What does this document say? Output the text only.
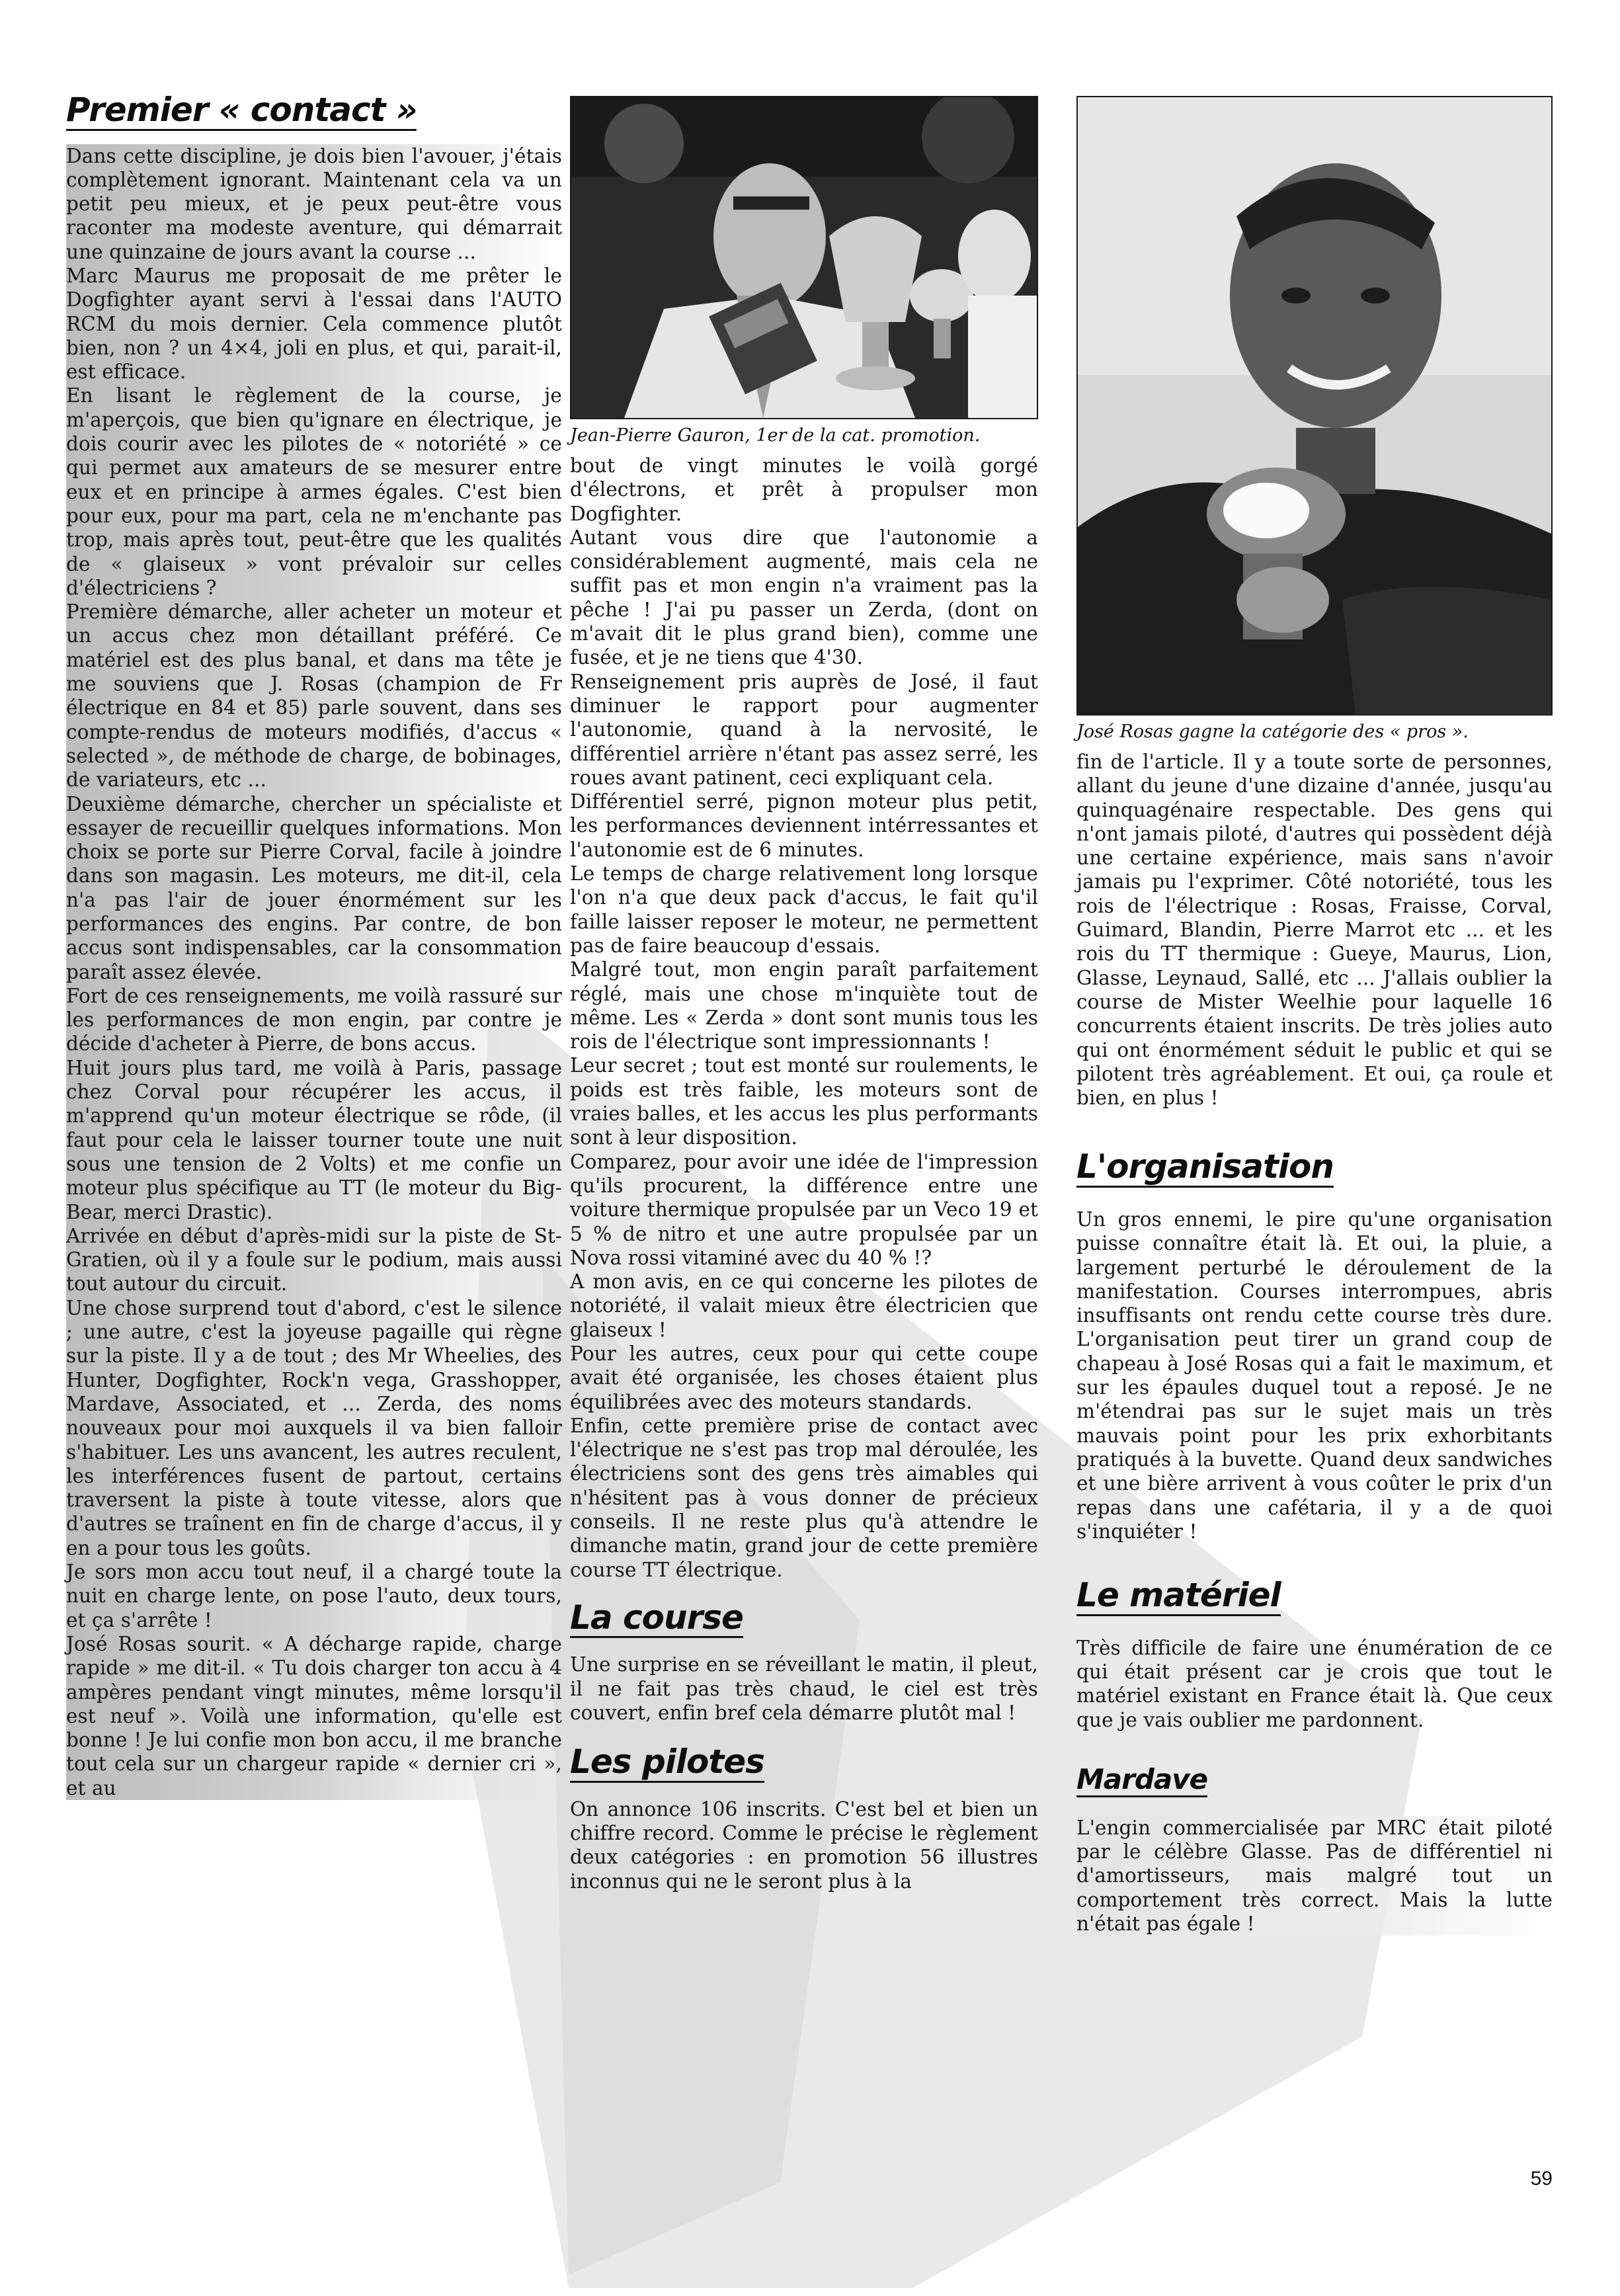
Premier « contact »

Dans cette discipline, je dois bien l'avouer, j'étais complètement ignorant. Maintenant cela va un petit peu mieux, et je peux peut-être vous raconter ma modeste aventure, qui démarrait une quinzaine de jours avant la course ...

Marc Maurus me proposait de me prêter le Dogfighter ayant servi à l'essai dans l'AUTO RCM du mois dernier. Cela commence plutôt bien, non ? un 4×4, joli en plus, et qui, parait-il, est efficace.

En lisant le règlement de la course, je m'aperçois, que bien qu'ignare en électrique, je dois courir avec les pilotes de « notoriété » ce qui permet aux amateurs de se mesurer entre eux et en principe à armes égales. C'est bien pour eux, pour ma part, cela ne m'enchante pas trop, mais après tout, peut-être que les qualités de « glaiseux » vont prévaloir sur celles d'électriciens ?

Première démarche, aller acheter un moteur et un accus chez mon détaillant préféré. Ce matériel est des plus banal, et dans ma tête je me souviens que J. Rosas (champion de Fr électrique en 84 et 85) parle souvent, dans ses compte-rendus de moteurs modifiés, d'accus « selected », de méthode de charge, de bobinages, de variateurs, etc ...

Deuxième démarche, chercher un spécialiste et essayer de recueillir quelques informations. Mon choix se porte sur Pierre Corval, facile à joindre dans son magasin. Les moteurs, me dit-il, cela n'a pas l'air de jouer énormément sur les performances des engins. Par contre, de bon accus sont indispensables, car la consommation paraît assez élevée.

Fort de ces renseignements, me voilà rassuré sur les performances de mon engin, par contre je décide d'acheter à Pierre, de bons accus.

Huit jours plus tard, me voilà à Paris, passage chez Corval pour récupérer les accus, il m'apprend qu'un moteur électrique se rôde, (il faut pour cela le laisser tourner toute une nuit sous une tension de 2 Volts) et me confie un moteur plus spécifique au TT (le moteur du Big-Bear, merci Drastic).

Arrivée en début d'après-midi sur la piste de St-Gratien, où il y a foule sur le podium, mais aussi tout autour du circuit.

Une chose surprend tout d'abord, c'est le silence ; une autre, c'est la joyeuse pagaille qui règne sur la piste. Il y a de tout ; des Mr Wheelies, des Hunter, Dogfighter, Rock'n vega, Grasshopper, Mardave, Associated, et ... Zerda, des noms nouveaux pour moi auxquels il va bien falloir s'habituer. Les uns avancent, les autres reculent, les interférences fusent de partout, certains traversent la piste à toute vitesse, alors que d'autres se traînent en fin de charge d'accus, il y en a pour tous les goûts.

Je sors mon accu tout neuf, il a chargé toute la nuit en charge lente, on pose l'auto, deux tours, et ça s'arrête !

José Rosas sourit. « A décharge rapide, charge rapide » me dit-il. « Tu dois charger ton accu à 4 ampères pendant vingt minutes, même lorsqu'il est neuf ». Voilà une information, qu'elle est bonne ! Je lui confie mon bon accu, il me branche tout cela sur un chargeur rapide « dernier cri », et au

Jean-Pierre Gauron, 1er de la cat. promotion.

bout de vingt minutes le voilà gorgé d'électrons, et prêt à propulser mon Dogfighter.

Autant vous dire que l'autonomie a considérablement augmenté, mais cela ne suffit pas et mon engin n'a vraiment pas la pêche ! J'ai pu passer un Zerda, (dont on m'avait dit le plus grand bien), comme une fusée, et je ne tiens que 4'30.

Renseignement pris auprès de José, il faut diminuer le rapport pour augmenter l'autonomie, quand à la nervosité, le différentiel arrière n'étant pas assez serré, les roues avant patinent, ceci expliquant cela.

Différentiel serré, pignon moteur plus petit, les performances deviennent intérressantes et l'autonomie est de 6 minutes.

Le temps de charge relativement long lorsque l'on n'a que deux pack d'accus, le fait qu'il faille laisser reposer le moteur, ne permettent pas de faire beaucoup d'essais.

Malgré tout, mon engin paraît parfaitement réglé, mais une chose m'inquiète tout de même. Les « Zerda » dont sont munis tous les rois de l'électrique sont impressionnants !

Leur secret ; tout est monté sur roulements, le poids est très faible, les moteurs sont de vraies balles, et les accus les plus performants sont à leur disposition.

Comparez, pour avoir une idée de l'impression qu'ils procurent, la différence entre une voiture thermique propulsée par un Veco 19 et 5 % de nitro et une autre propulsée par un Nova rossi vitaminé avec du 40 % !?

A mon avis, en ce qui concerne les pilotes de notoriété, il valait mieux être électricien que glaiseux !

Pour les autres, ceux pour qui cette coupe avait été organisée, les choses étaient plus équilibrées avec des moteurs standards.

Enfin, cette première prise de contact avec l'électrique ne s'est pas trop mal déroulée, les électriciens sont des gens très aimables qui n'hésitent pas à vous donner de précieux conseils. Il ne reste plus qu'à attendre le dimanche matin, grand jour de cette première course TT électrique.

La course

Une surprise en se réveillant le matin, il pleut, il ne fait pas très chaud, le ciel est très couvert, enfin bref cela démarre plutôt mal !

Les pilotes

On annonce 106 inscrits. C'est bel et bien un chiffre record. Comme le précise le règlement deux catégories : en promotion 56 illustres inconnus qui ne le seront plus à la

José Rosas gagne la catégorie des « pros ».

fin de l'article. Il y a toute sorte de personnes, allant du jeune d'une dizaine d'année, jusqu'au quinquagénaire respectable. Des gens qui n'ont jamais piloté, d'autres qui possèdent déjà une certaine expérience, mais sans n'avoir jamais pu l'exprimer. Côté notoriété, tous les rois de l'électrique : Rosas, Fraisse, Corval, Guimard, Blandin, Pierre Marrot etc ... et les rois du TT thermique : Gueye, Maurus, Lion, Glasse, Leynaud, Sallé, etc ... J'allais oublier la course de Mister Weelhie pour laquelle 16 concurrents étaient inscrits. De très jolies auto qui ont énormément séduit le public et qui se pilotent très agréablement. Et oui, ça roule et bien, en plus !

L'organisation

Un gros ennemi, le pire qu'une organisation puisse connaître était là. Et oui, la pluie, a largement perturbé le déroulement de la manifestation. Courses interrompues, abris insuffisants ont rendu cette course très dure. L'organisation peut tirer un grand coup de chapeau à José Rosas qui a fait le maximum, et sur les épaules duquel tout a reposé. Je ne m'étendrai pas sur le sujet mais un très mauvais point pour les prix exhorbitants pratiqués à la buvette. Quand deux sandwiches et une bière arrivent à vous coûter le prix d'un repas dans une cafétaria, il y a de quoi s'inquiéter !

Le matériel

Très difficile de faire une énumération de ce qui était présent car je crois que tout le matériel existant en France était là. Que ceux que je vais oublier me pardonnent.

Mardave

L'engin commercialisée par MRC était piloté par le célèbre Glasse. Pas de différentiel ni d'amortisseurs, mais malgré tout un comportement très correct. Mais la lutte n'était pas égale !

59
